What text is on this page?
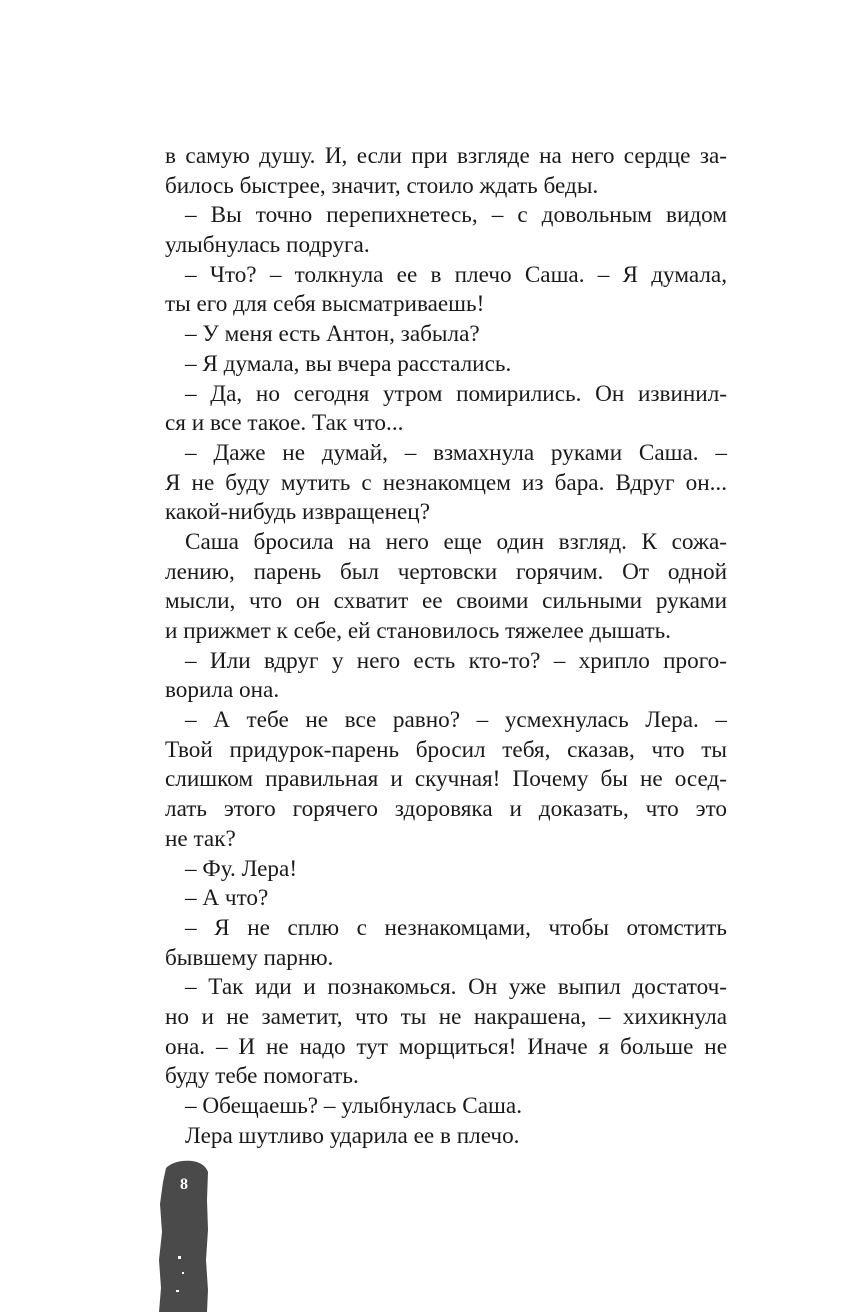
в самую душу. И, если при взгляде на него сердце за-
билось быстрее, значит, стоило ждать беды.
– Вы точно перепихнетесь, – с довольным видом
улыбнулась подруга.
– Что? – толкнула ее в плечо Саша. – Я думала,
ты его для себя высматриваешь!
– У меня есть Антон, забыла?
– Я думала, вы вчера расстались.
– Да, но сегодня утром помирились. Он извинил-
ся и все такое. Так что...
– Даже не думай, – взмахнула руками Саша. –
Я не буду мутить с незнакомцем из бара. Вдруг он...
какой-нибудь извращенец?
Саша бросила на него еще один взгляд. К сожа-
лению, парень был чертовски горячим. От одной
мысли, что он схватит ее своими сильными руками
и прижмет к себе, ей становилось тяжелее дышать.
– Или вдруг у него есть кто-то? – хрипло прого-
ворила она.
– А тебе не все равно? – усмехнулась Лера. –
Твой придурок-парень бросил тебя, сказав, что ты
слишком правильная и скучная! Почему бы не осед-
лать этого горячего здоровяка и доказать, что это
не так?
– Фу. Лера!
– А что?
– Я не сплю с незнакомцами, чтобы отомстить
бывшему парню.
– Так иди и познакомься. Он уже выпил достаточ-
но и не заметит, что ты не накрашена, – хихикнула
она. – И не надо тут морщиться! Иначе я больше не
буду тебе помогать.
– Обещаешь? – улыбнулась Саша.
Лера шутливо ударила ее в плечо.
8
